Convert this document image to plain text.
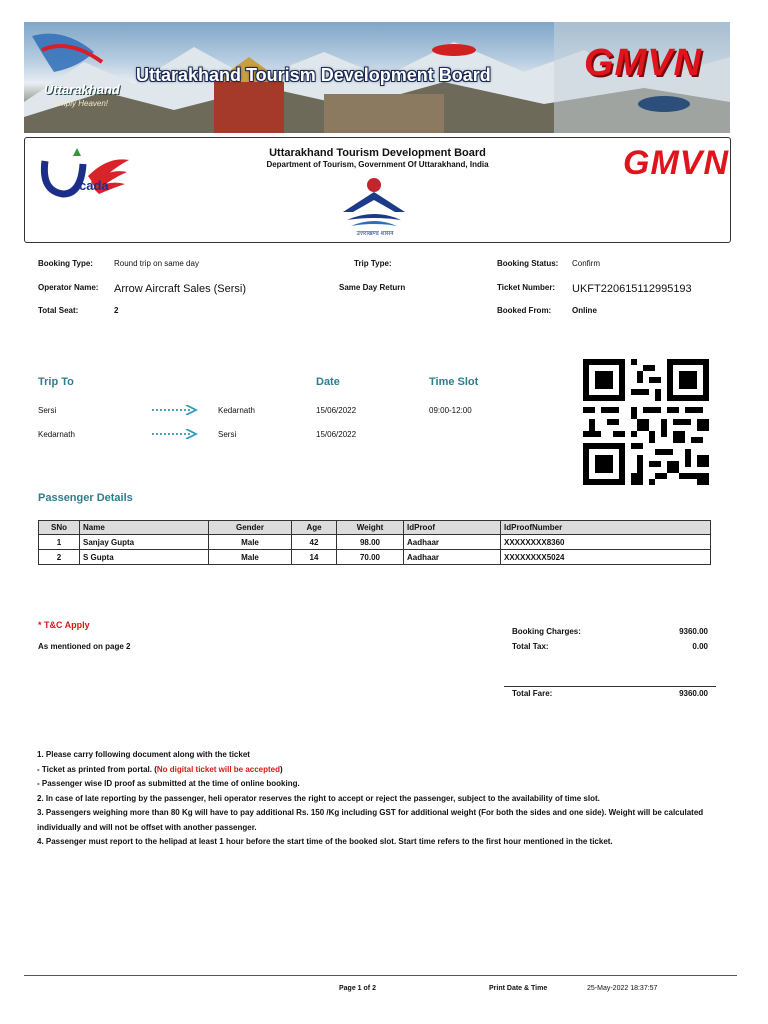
Uttarakhand Tourism Development Board
Uttarakhand
Simply Heaven!
GMVN
cada
Uttarakhand Tourism Development Board
Department of Tourism, Government Of Uttarakhand, India	GMVN
उत्तराखण्ड शासन
Booking Type:	Round trip on same day	Trip Type:	Booking Status: Confirm
Operator Name: Arrow Aircraft Sales (Sersi)	Same Day Return	Ticket Number: UKFT220615112995193
Total Seat:	2	Booked From:	Online
Trip To	Date	Time Slot
Sersi	Kedarnath	15/06/2022	09:00-12:00
Kedarnath	Sersi	15/06/2022
Passenger Details
SNo	Name	Gender	Age	Weight	IdProof	IdProofNumber
1	Sanjay Gupta	Male	42	98.00	Aadhaar	XXXXXXXX8360
2	S Gupta	Male	14	70.00	Aadhaar	XXXXXXXX5024
* T&C Apply
As mentioned on page 2
Booking Charges:	9360.00
Total Tax:	0.00
Total Fare:	9360.00
1. Please carry following document along with the ticket
- Ticket as printed from portal. (No digital ticket will be accepted)
- Passenger wise ID proof as submitted at the time of online booking.
2. In case of late reporting by the passenger, heli operator reserves the right to accept or reject the passenger, subject to the availability of time slot.
3. Passengers weighing more than 80 Kg will have to pay additional Rs. 150 /Kg including GST for additional weight (For both the sides and one side). Weight will be calculated individually and will not be offset with another passenger.
4. Passenger must report to the helipad at least 1 hour before the start time of the booked slot. Start time refers to the first hour mentioned in the ticket.
Page 1 of 2	Print Date & Time	25-May-2022 18:37:57
